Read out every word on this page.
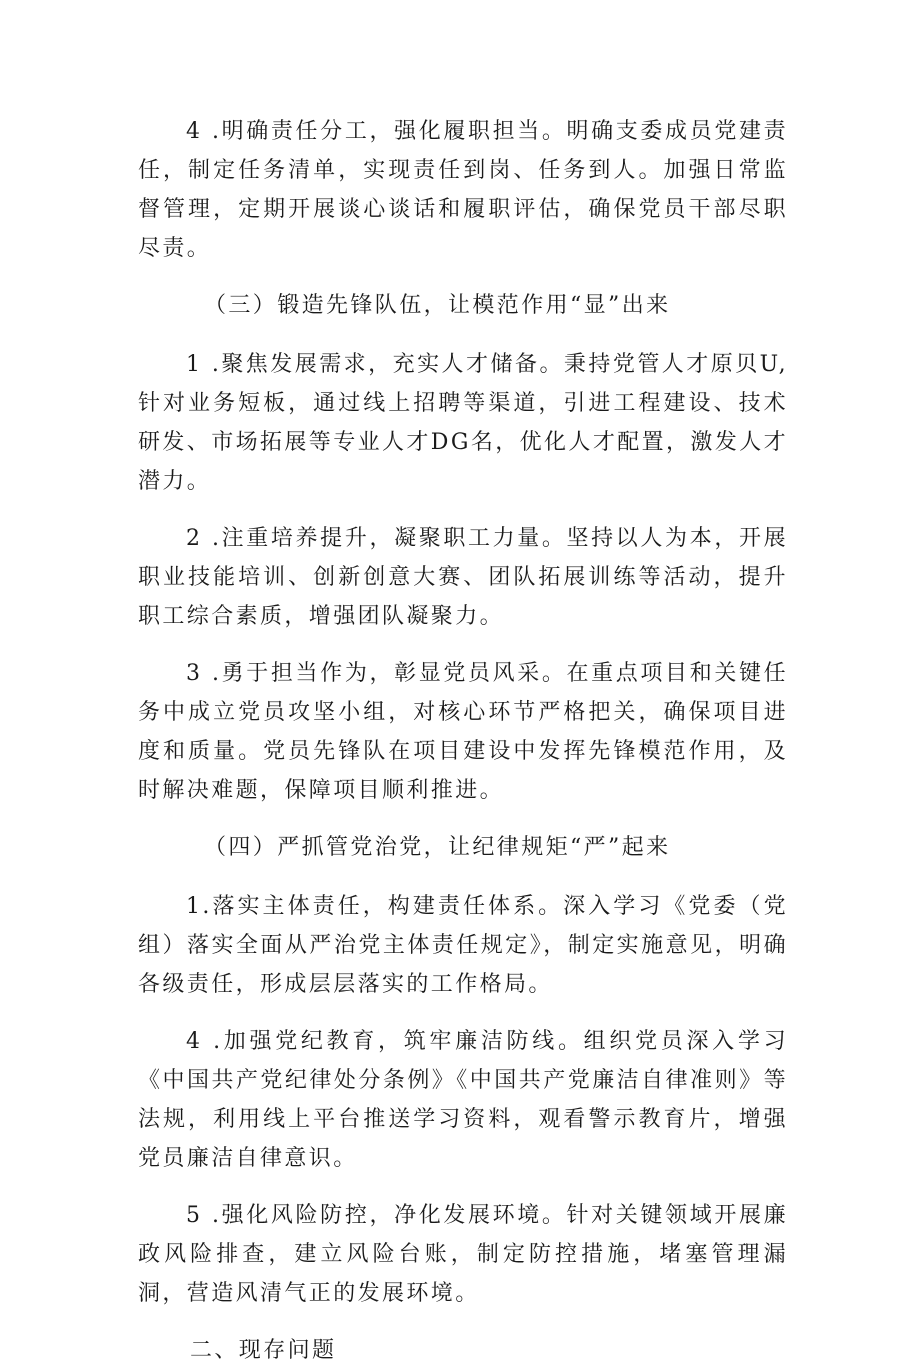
4 .明确责任分工，强化履职担当。明确支委成员党建责任，制定任务清单，实现责任到岗、任务到人。加强日常监督管理，定期开展谈心谈话和履职评估，确保党员干部尽职尽责。

（三）锻造先锋队伍，让模范作用“显”出来

1 .聚焦发展需求，充实人才储备。秉持党管人才原贝U,针对业务短板，通过线上招聘等渠道，引进工程建设、技术研发、市场拓展等专业人才DG名，优化人才配置，激发人才潜力。

2 .注重培养提升，凝聚职工力量。坚持以人为本，开展职业技能培训、创新创意大赛、团队拓展训练等活动，提升职工综合素质，增强团队凝聚力。

3 .勇于担当作为，彰显党员风采。在重点项目和关键任务中成立党员攻坚小组，对核心环节严格把关，确保项目进度和质量。党员先锋队在项目建设中发挥先锋模范作用，及时解决难题，保障项目顺利推进。

（四）严抓管党治党，让纪律规矩“严”起来

1.落实主体责任，构建责任体系。深入学习《党委（党组）落实全面从严治党主体责任规定》，制定实施意见，明确各级责任，形成层层落实的工作格局。

4 .加强党纪教育，筑牢廉洁防线。组织党员深入学习《中国共产党纪律处分条例》《中国共产党廉洁自律准则》等法规，利用线上平台推送学习资料，观看警示教育片，增强党员廉洁自律意识。

5 .强化风险防控，净化发展环境。针对关键领域开展廉政风险排查，建立风险台账，制定防控措施，堵塞管理漏洞，营造风清气正的发展环境。

二、现存问题
